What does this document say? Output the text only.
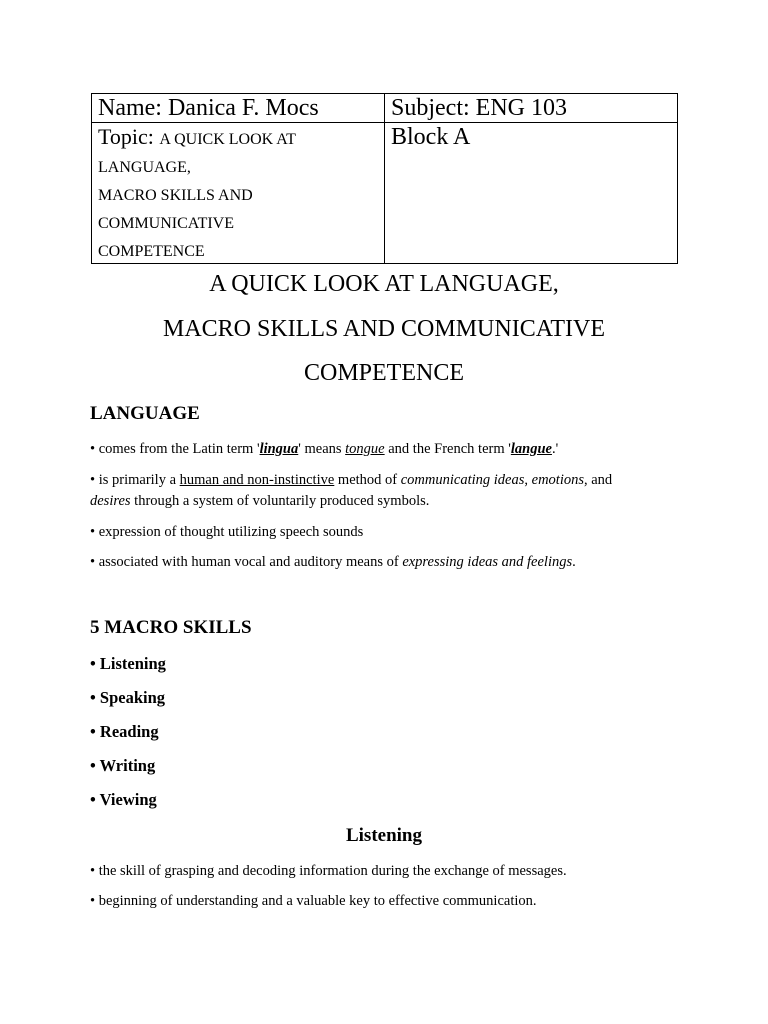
Name: Danica F. Mocs	Subject: ENG 103
Topic: A QUICK LOOK AT
LANGUAGE,
MACRO SKILLS AND
COMMUNICATIVE
COMPETENCE	Block A
A QUICK LOOK AT LANGUAGE,
MACRO SKILLS AND COMMUNICATIVE
COMPETENCE
LANGUAGE
• comes from the Latin term 'lingua' means tongue and the French term 'langue.'
• is primarily a human and non-instinctive method of communicating ideas, emotions, and
desires through a system of voluntarily produced symbols.
• expression of thought utilizing speech sounds
• associated with human vocal and auditory means of expressing ideas and feelings.
5 MACRO SKILLS
• Listening
• Speaking
• Reading
• Writing
• Viewing
Listening
• the skill of grasping and decoding information during the exchange of messages.
• beginning of understanding and a valuable key to effective communication.
